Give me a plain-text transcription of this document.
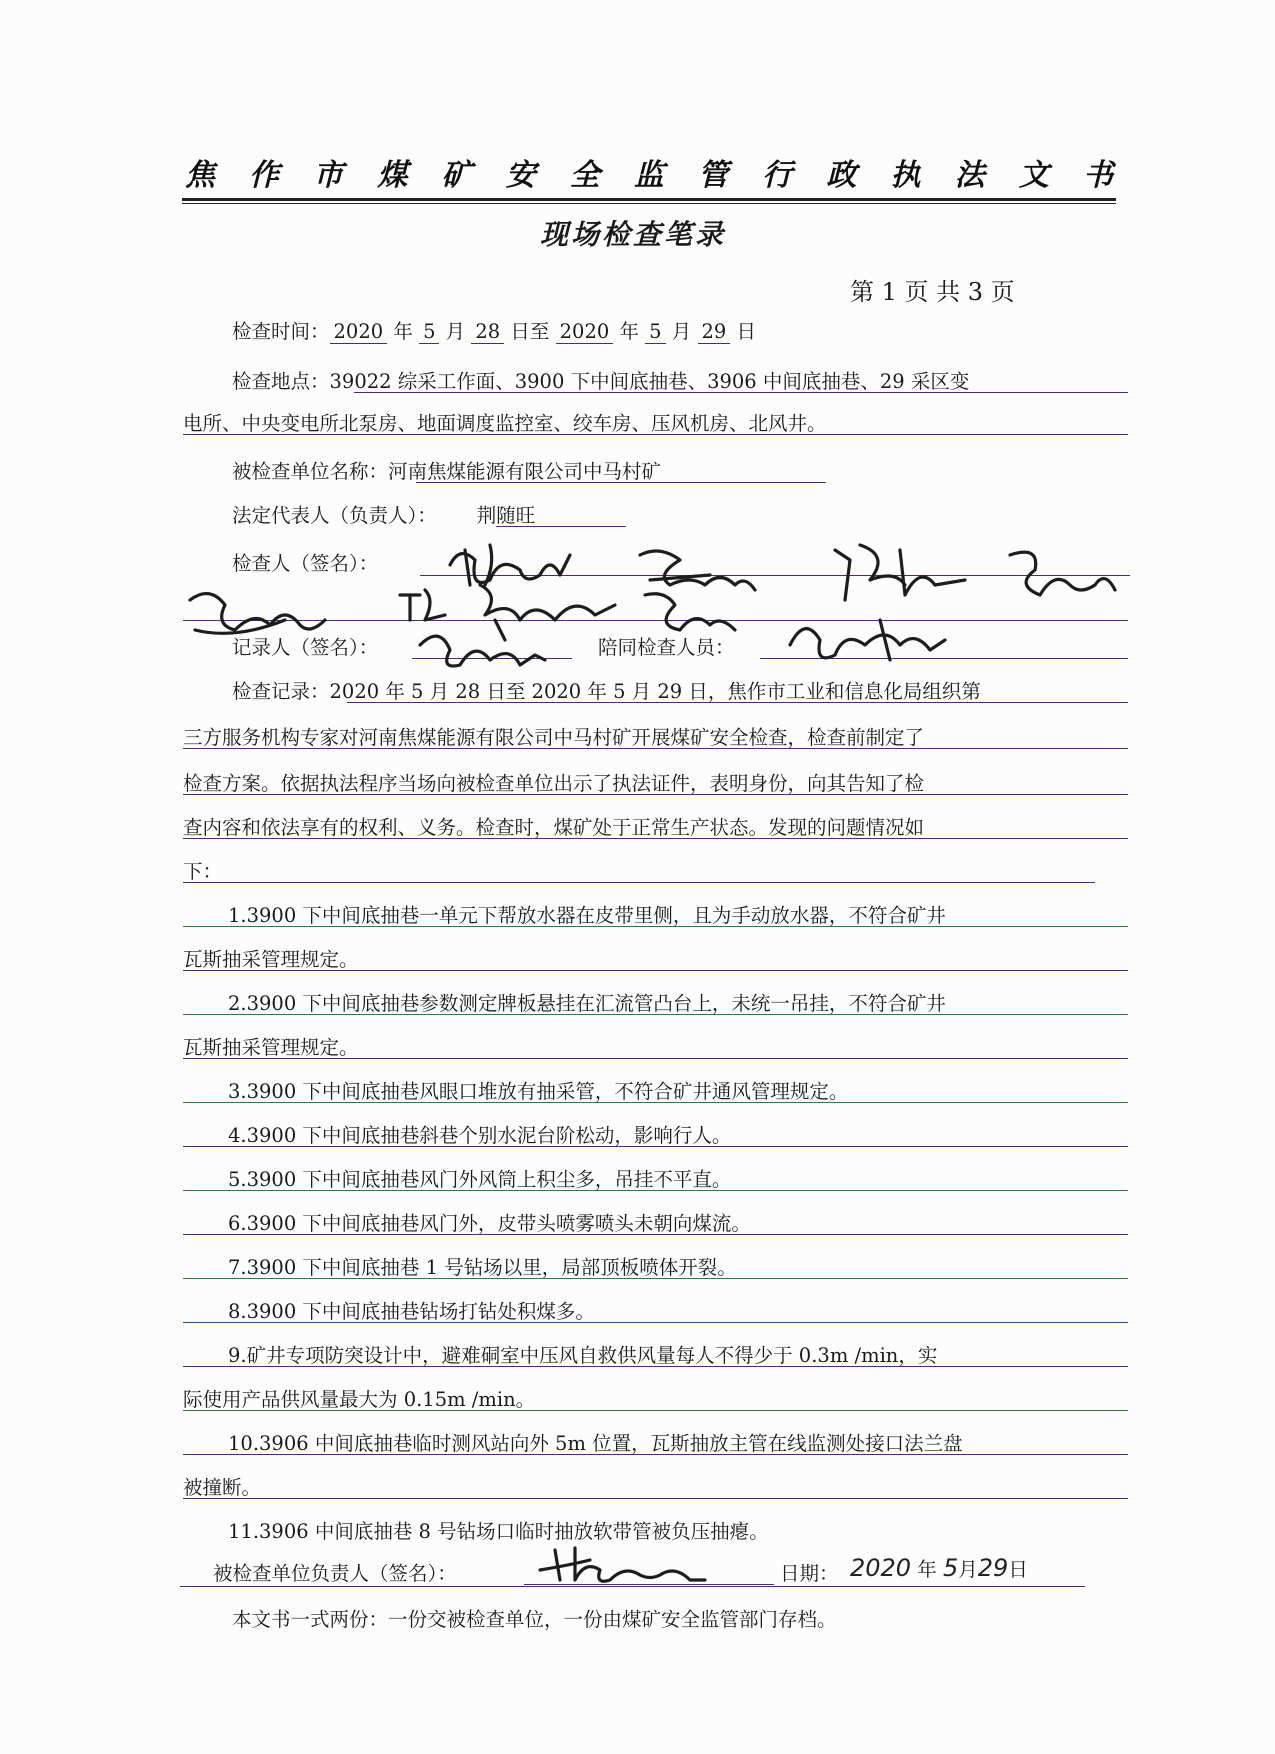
焦 作 市 煤 矿 安 全 监 管 行 政 执 法 文 书
现场检查笔录
第 1 页 共 3 页
检查时间： 2020 年 5 月 28 日至 2020 年 5 月 29 日
检查地点：39022 综采工作面、3900 下中间底抽巷、3906 中间底抽巷、29 采区变
电所、中央变电所北泵房、地面调度监控室、绞车房、压风机房、北风井。
被检查单位名称：河南焦煤能源有限公司中马村矿
法定代表人（负责人）： 荆随旺
检查人（签名）：
记录人（签名）：	陪同检查人员：
检查记录：2020 年 5 月 28 日至 2020 年 5 月 29 日，焦作市工业和信息化局组织第
三方服务机构专家对河南焦煤能源有限公司中马村矿开展煤矿安全检查，检查前制定了
检查方案。依据执法程序当场向被检查单位出示了执法证件，表明身份，向其告知了检
查内容和依法享有的权利、义务。检查时，煤矿处于正常生产状态。发现的问题情况如
下：
1.3900 下中间底抽巷一单元下帮放水器在皮带里侧，且为手动放水器，不符合矿井
瓦斯抽采管理规定。
2.3900 下中间底抽巷参数测定牌板悬挂在汇流管凸台上，未统一吊挂，不符合矿井
瓦斯抽采管理规定。
3.3900 下中间底抽巷风眼口堆放有抽采管，不符合矿井通风管理规定。
4.3900 下中间底抽巷斜巷个别水泥台阶松动，影响行人。
5.3900 下中间底抽巷风门外风筒上积尘多，吊挂不平直。
6.3900 下中间底抽巷风门外，皮带头喷雾喷头未朝向煤流。
7.3900 下中间底抽巷 1 号钻场以里，局部顶板喷体开裂。
8.3900 下中间底抽巷钻场打钻处积煤多。
9.矿井专项防突设计中，避难硐室中压风自救供风量每人不得少于 0.3m /min，实
际使用产品供风量最大为 0.15m /min。
10.3906 中间底抽巷临时测风站向外 5m 位置，瓦斯抽放主管在线监测处接口法兰盘
被撞断。
11.3906 中间底抽巷 8 号钻场口临时抽放软带管被负压抽瘪。
被检查单位负责人（签名）：	日期： 2020 年 5月29日
本文书一式两份：一份交被检查单位，一份由煤矿安全监管部门存档。
